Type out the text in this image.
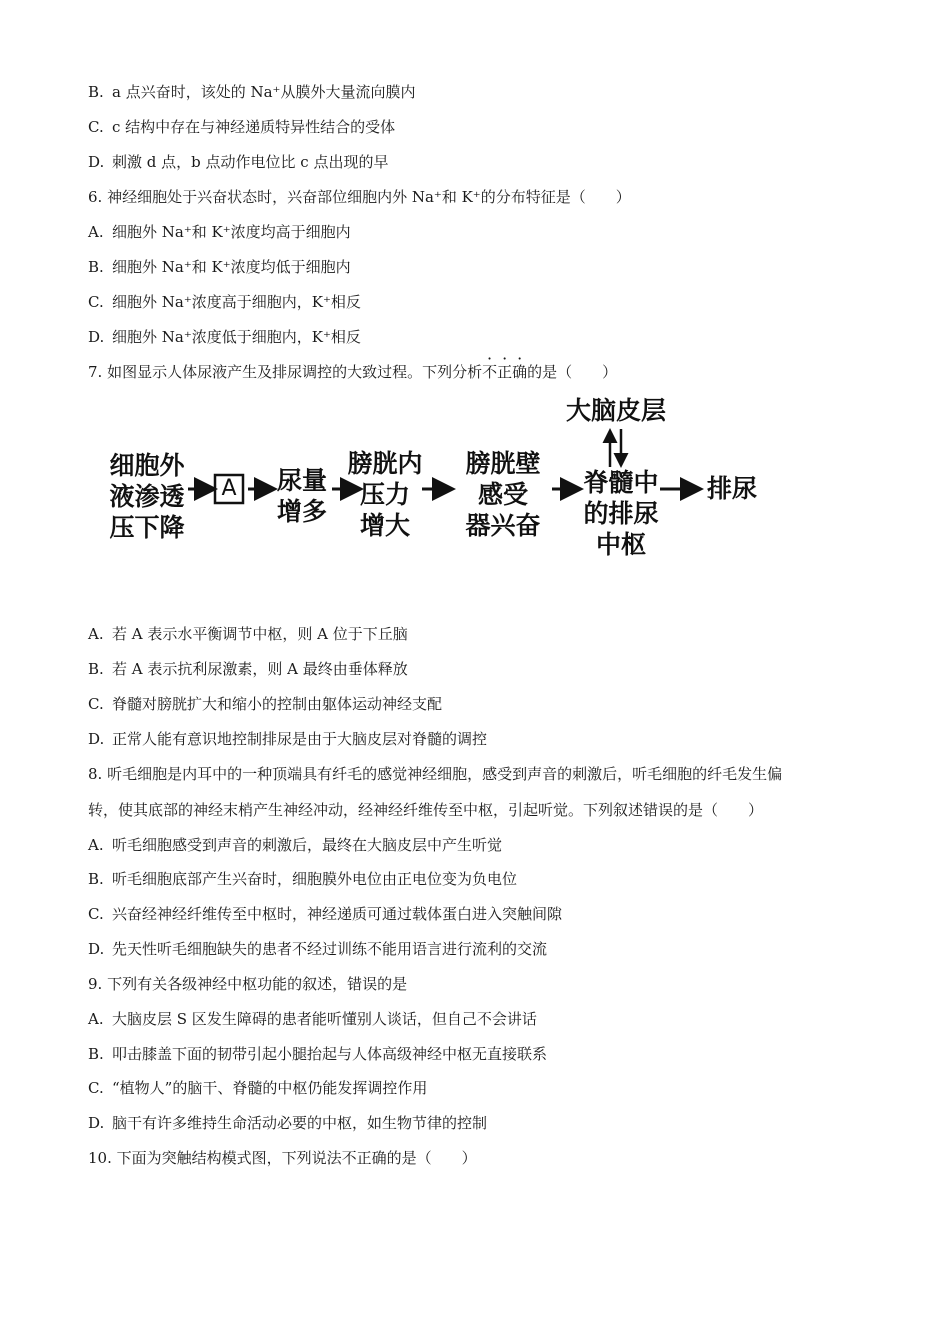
B. a 点兴奋时，该处的 Na⁺从膜外大量流向膜内
C. c 结构中存在与神经递质特异性结合的受体
D. 刺激 d 点，b 点动作电位比 c 点出现的早
6. 神经细胞处于兴奋状态时，兴奋部位细胞内外 Na⁺和 K⁺的分布特征是（　　）
A. 细胞外 Na⁺和 K⁺浓度均高于细胞内
B. 细胞外 Na⁺和 K⁺浓度均低于细胞内
C. 细胞外 Na⁺浓度高于细胞内，K⁺相反
D. 细胞外 Na⁺浓度低于细胞内，K⁺相反
7. 如图显示人体尿液产生及排尿调控的大致过程。下列分析不正确的是（　　）
细胞外
液渗透
压下降
A 尿量
增多
膀胱内
压力
增大
膀胱壁
感受
器兴奋
脊髓中
的排尿
中枢
大脑皮层
排尿
A. 若 A 表示水平衡调节中枢，则 A 位于下丘脑
B. 若 A 表示抗利尿激素，则 A 最终由垂体释放
C. 脊髓对膀胱扩大和缩小的控制由躯体运动神经支配
D. 正常人能有意识地控制排尿是由于大脑皮层对脊髓的调控
8. 听毛细胞是内耳中的一种顶端具有纤毛的感觉神经细胞，感受到声音的刺激后，听毛细胞的纤毛发生偏
转，使其底部的神经末梢产生神经冲动，经神经纤维传至中枢，引起听觉。下列叙述错误的是（　　）
A. 听毛细胞感受到声音的刺激后，最终在大脑皮层中产生听觉
B. 听毛细胞底部产生兴奋时，细胞膜外电位由正电位变为负电位
C. 兴奋经神经纤维传至中枢时，神经递质可通过载体蛋白进入突触间隙
D. 先天性听毛细胞缺失的患者不经过训练不能用语言进行流利的交流
9. 下列有关各级神经中枢功能的叙述，错误的是
A. 大脑皮层 S 区发生障碍的患者能听懂别人谈话，但自己不会讲话
B. 叩击膝盖下面的韧带引起小腿抬起与人体高级神经中枢无直接联系
C. “植物人”的脑干、脊髓的中枢仍能发挥调控作用
D. 脑干有许多维持生命活动必要的中枢，如生物节律的控制
10. 下面为突触结构模式图，下列说法不正确的是（　　）
